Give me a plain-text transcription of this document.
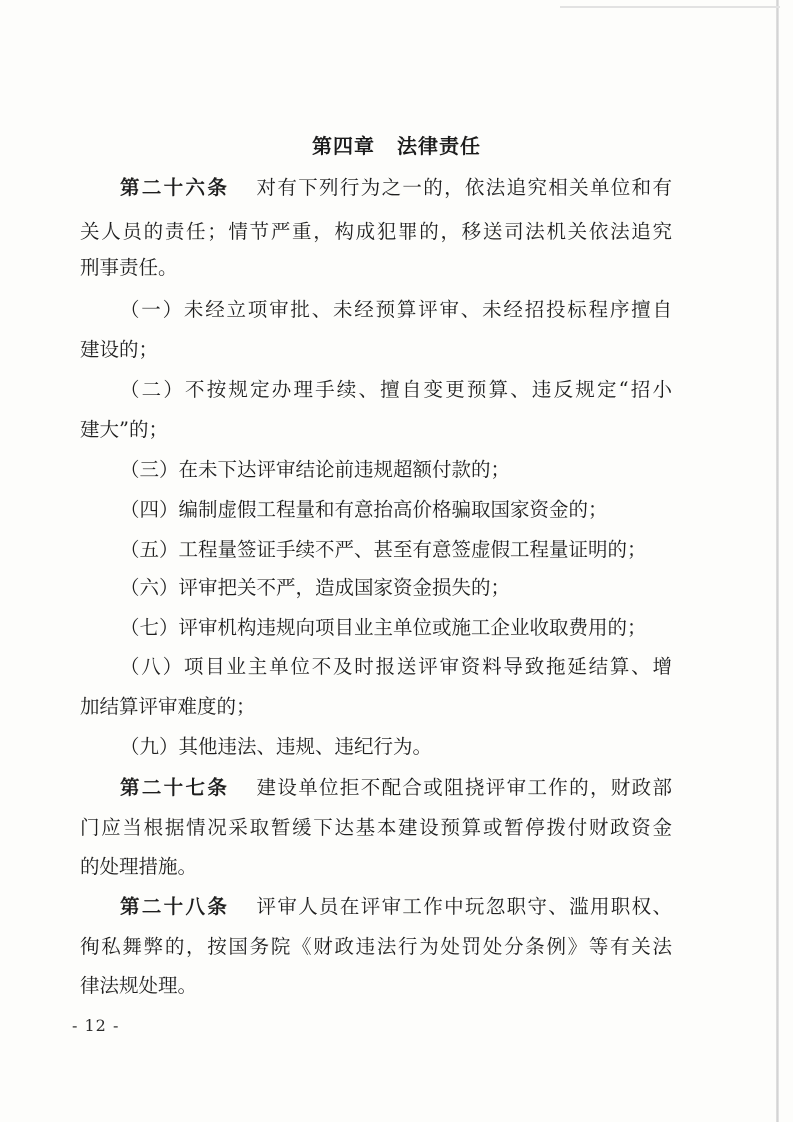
第四章 法律责任
第二十六条 对有下列行为之一的，依法追究相关单位和有
关人员的责任；情节严重，构成犯罪的，移送司法机关依法追究
刑事责任。
（一）未经立项审批、未经预算评审、未经招投标程序擅自
建设的；
（二）不按规定办理手续、擅自变更预算、违反规定“招小
建大”的；
（三）在未下达评审结论前违规超额付款的；
（四）编制虚假工程量和有意抬高价格骗取国家资金的；
（五）工程量签证手续不严、甚至有意签虚假工程量证明的；
（六）评审把关不严，造成国家资金损失的；
（七）评审机构违规向项目业主单位或施工企业收取费用的；
（八）项目业主单位不及时报送评审资料导致拖延结算、增
加结算评审难度的；
（九）其他违法、违规、违纪行为。
第二十七条 建设单位拒不配合或阻挠评审工作的，财政部
门应当根据情况采取暂缓下达基本建设预算或暂停拨付财政资金
的处理措施。
第二十八条 评审人员在评审工作中玩忽职守、滥用职权、
徇私舞弊的，按国务院《财政违法行为处罚处分条例》等有关法
律法规处理。
- 12 -
